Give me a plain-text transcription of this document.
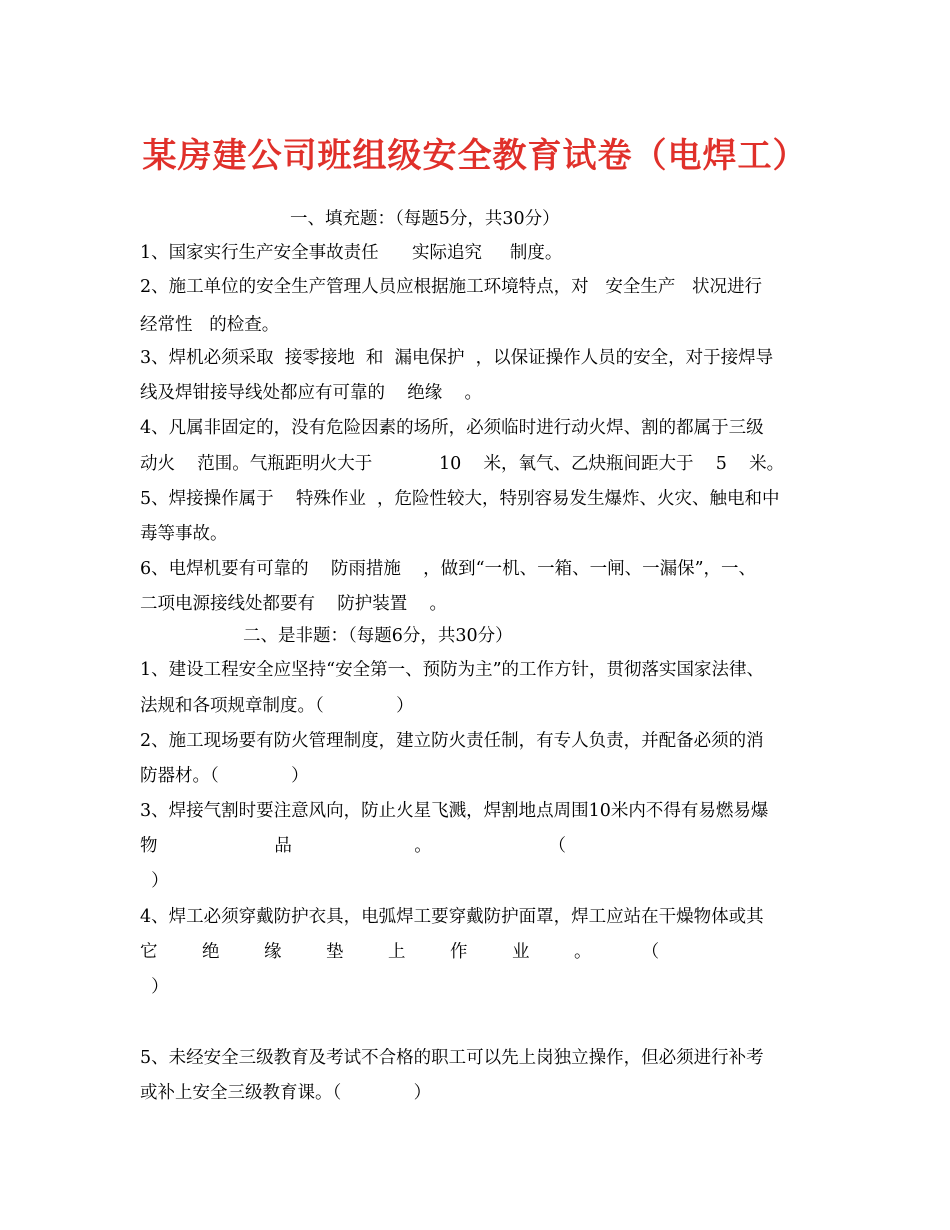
某房建公司班组级安全教育试卷（电焊工）
一、填充题：（每题5分，共30分）
1、国家实行生产安全事故责任      实际追究     制度。
2、施工单位的安全生产管理人员应根据施工环境特点，对   安全生产   状况进行
经常性   的检查。
3、焊机必须采取  接零接地  和  漏电保护  ，以保证操作人员的安全，对于接焊导
线及焊钳接导线处都应有可靠的    绝缘    。
4、凡属非固定的，没有危险因素的场所，必须临时进行动火焊、割的都属于三级
动火    范围。气瓶距明火大于            10    米，氧气、乙炔瓶间距大于    5    米。
5、焊接操作属于    特殊作业  ，危险性较大，特别容易发生爆炸、火灾、触电和中
毒等事故。
6、电焊机要有可靠的    防雨措施    ，做到“一机、一箱、一闸、一漏保”，一、
二项电源接线处都要有    防护装置    。
二、是非题：（每题6分，共30分）
1、建设工程安全应坚持“安全第一、预防为主”的工作方针，贯彻落实国家法律、
法规和各项规章制度。（             ）
2、施工现场要有防火管理制度，建立防火责任制，有专人负责，并配备必须的消
防器材。（             ）
3、焊接气割时要注意风向，防止火星飞溅，焊割地点周围10米内不得有易燃易爆
物                     品                      。                     （
）
4、焊工必须穿戴防护衣具，电弧焊工要穿戴防护面罩，焊工应站在干燥物体或其
它        绝        缘        垫        上        作        业        。         （
）
5、未经安全三级教育及考试不合格的职工可以先上岗独立操作，但必须进行补考
或补上安全三级教育课。（             ）
